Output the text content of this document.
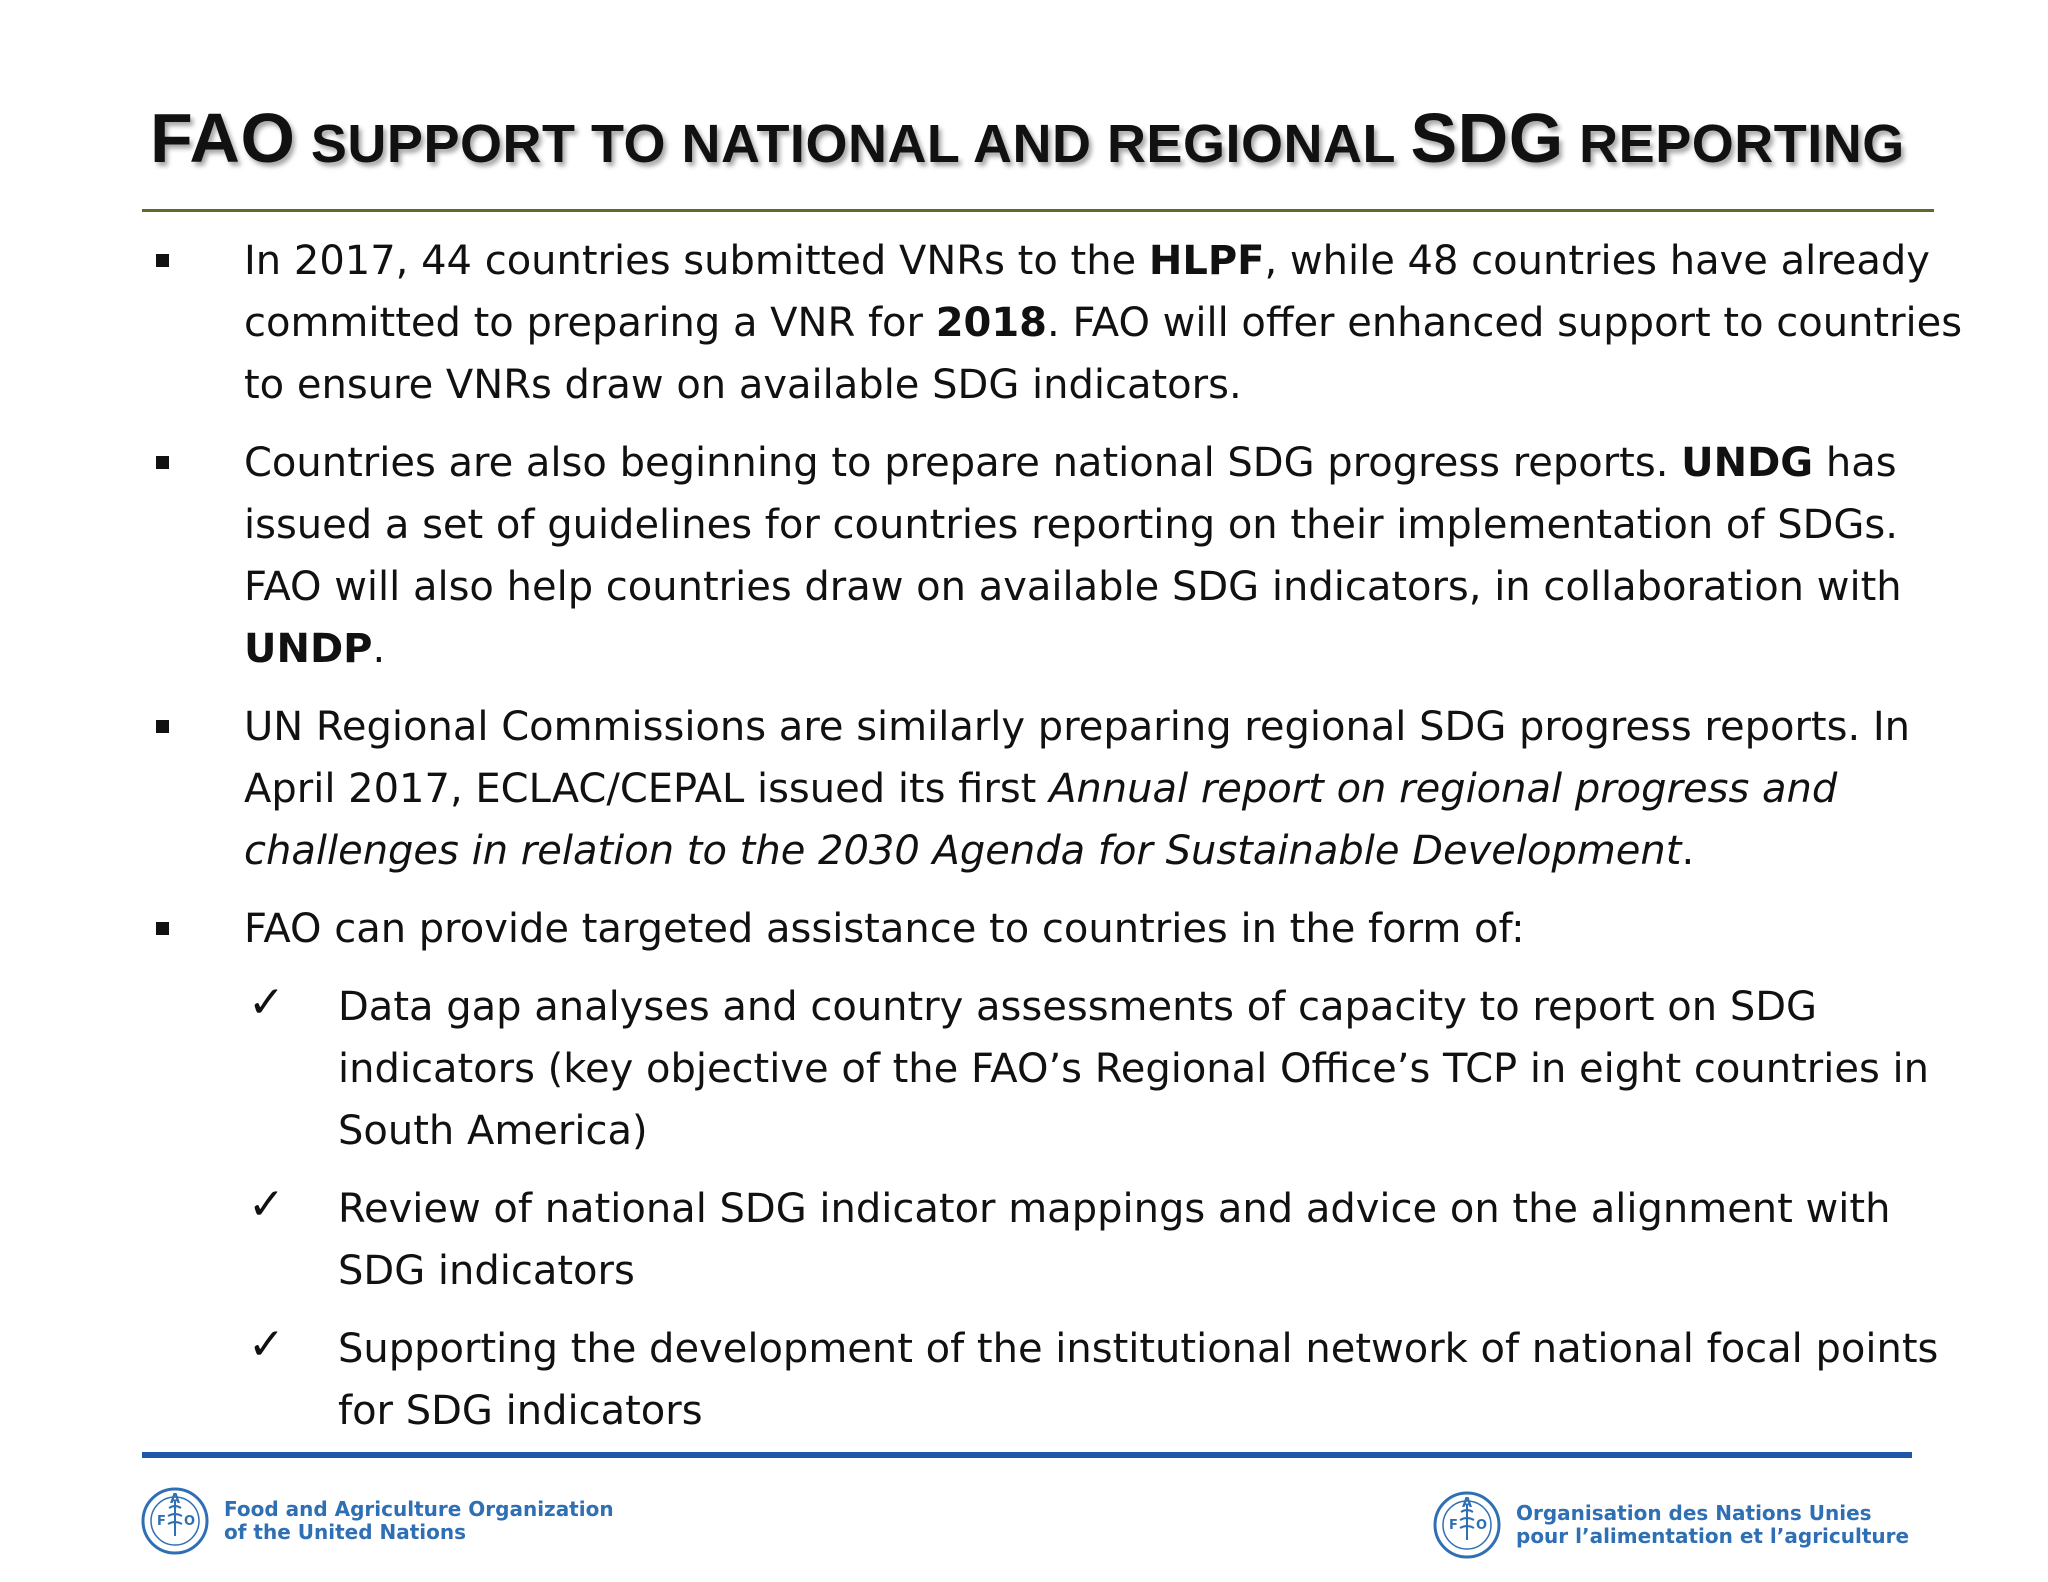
FAO SUPPORT TO NATIONAL AND REGIONAL SDG REPORTING
In 2017, 44 countries submitted VNRs to the HLPF, while 48 countries have already committed to preparing a VNR for 2018. FAO will offer enhanced support to countries to ensure VNRs draw on available SDG indicators.
Countries are also beginning to prepare national SDG progress reports. UNDG has issued a set of guidelines for countries reporting on their implementation of SDGs. FAO will also help countries draw on available SDG indicators, in collaboration with UNDP.
UN Regional Commissions are similarly preparing regional SDG progress reports. In April 2017, ECLAC/CEPAL issued its first Annual report on regional progress and challenges in relation to the 2030 Agenda for Sustainable Development.
FAO can provide targeted assistance to countries in the form of:
✓ Data gap analyses and country assessments of capacity to report on SDG indicators (key objective of the FAO’s Regional Office’s TCP in eight countries in South America)
✓ Review of national SDG indicator mappings and advice on the alignment with SDG indicators
✓ Supporting the development of the institutional network of national focal points for SDG indicators
F
A
O
Food and Agriculture Organization
of the United Nations	F
A
O
Organisation des Nations Unies
pour l’alimentation et l’agriculture
